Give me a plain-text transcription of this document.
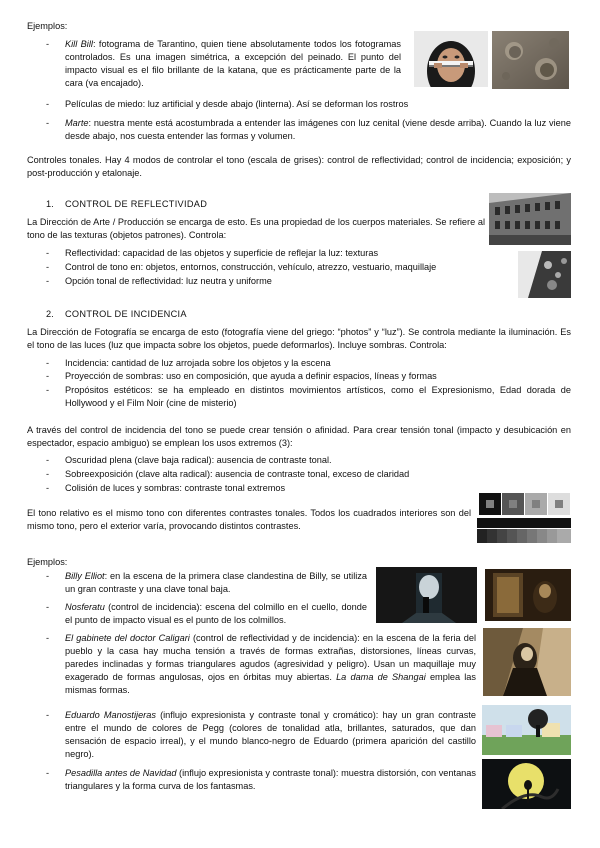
Ejemplos:

- Kill Bill: fotograma de Tarantino, quien tiene absolutamente todos los fotogramas controlados. Es una imagen simétrica, a excepción del peinado. El punto del impacto visual es el filo brillante de la katana, que es prácticamente parte de la cara (va encajado).

- Películas de miedo: luz artificial y desde abajo (linterna). Así se deforman los rostros

- Marte: nuestra mente está acostumbrada a entender las imágenes con luz cenital (viene desde arriba). Cuando la luz viene desde abajo, nos cuesta entender las formas y volumen.

Controles tonales. Hay 4 modos de controlar el tono (escala de grises): control de reflectividad; control de incidencia; exposición; y post-producción y etalonaje.

1. CONTROL DE REFLECTIVIDAD

La Dirección de Arte / Producción se encarga de esto. Es una propiedad de los cuerpos materiales. Se refiere al tono de las texturas (objetos patrones). Controla:

- Reflectividad: capacidad de las objetos y superficie de reflejar la luz: texturas

- Control de tono en: objetos, entornos, construcción, vehículo, atrezzo, vestuario, maquillaje

- Opción tonal de reflectividad: luz neutra y uniforme

2. CONTROL DE INCIDENCIA

La Dirección de Fotografía se encarga de esto (fotografía viene del griego: “photos” y “luz”). Se controla mediante la iluminación. Es el tono de las luces (luz que impacta sobre los objetos, puede deformarlos). Incluye sombras. Controla:

- Incidencia: cantidad de luz arrojada sobre los objetos y la escena

- Proyección de sombras: uso en composición, que ayuda a definir espacios, líneas y formas

- Propósitos estéticos: se ha empleado en distintos movimientos artísticos, como el Expresionismo, Edad dorada de Hollywood y el Film Noir (cine de misterio)

A través del control de incidencia del tono se puede crear tensión o afinidad. Para crear tensión tonal (impacto y desubicación en espectador, espacio ambiguo) se emplean los usos extremos (3):

- Oscuridad plena (clave baja radical): ausencia de contraste tonal.

- Sobreexposición (clave alta radical): ausencia de contraste tonal, exceso de claridad

- Colisión de luces y sombras: contraste tonal extremos

El tono relativo es el mismo tono con diferentes contrastes tonales. Todos los cuadrados interiores son del mismo tono, pero el exterior varía, provocando distintos contrastes.

Ejemplos:

- Billy Elliot: en la escena de la primera clase clandestina de Billy, se utiliza un gran contraste y una clave tonal baja.

- Nosferatu (control de incidencia): escena del colmillo en el cuello, donde el punto de impacto visual es el punto de los colmillos.

- El gabinete del doctor Caligari (control de reflectividad y de incidencia): en la escena de la feria del pueblo y la casa hay mucha tensión a través de formas extrañas, distorsiones, líneas curvas, paredes inclinadas y formas triangulares agudos (agresividad y peligro). Usan un maquillaje muy exagerado de formas angulosas, ojos en órbitas muy abiertas. La dama de Shangai emplea las mismas formas.

- Eduardo Manostijeras (influjo expresionista y contraste tonal y cromático): hay un gran contraste entre el mundo de colores de Pegg (colores de tonalidad atla, brillantes, saturados, que dan sensación de espacio irreal), y el mundo blanco-negro de Eduardo (primera aparición del castillo negro).

- Pesadilla antes de Navidad (influjo expresionista y contraste tonal): muestra distorsión, con ventanas triangulares y la forma curva de los fantasmas.
